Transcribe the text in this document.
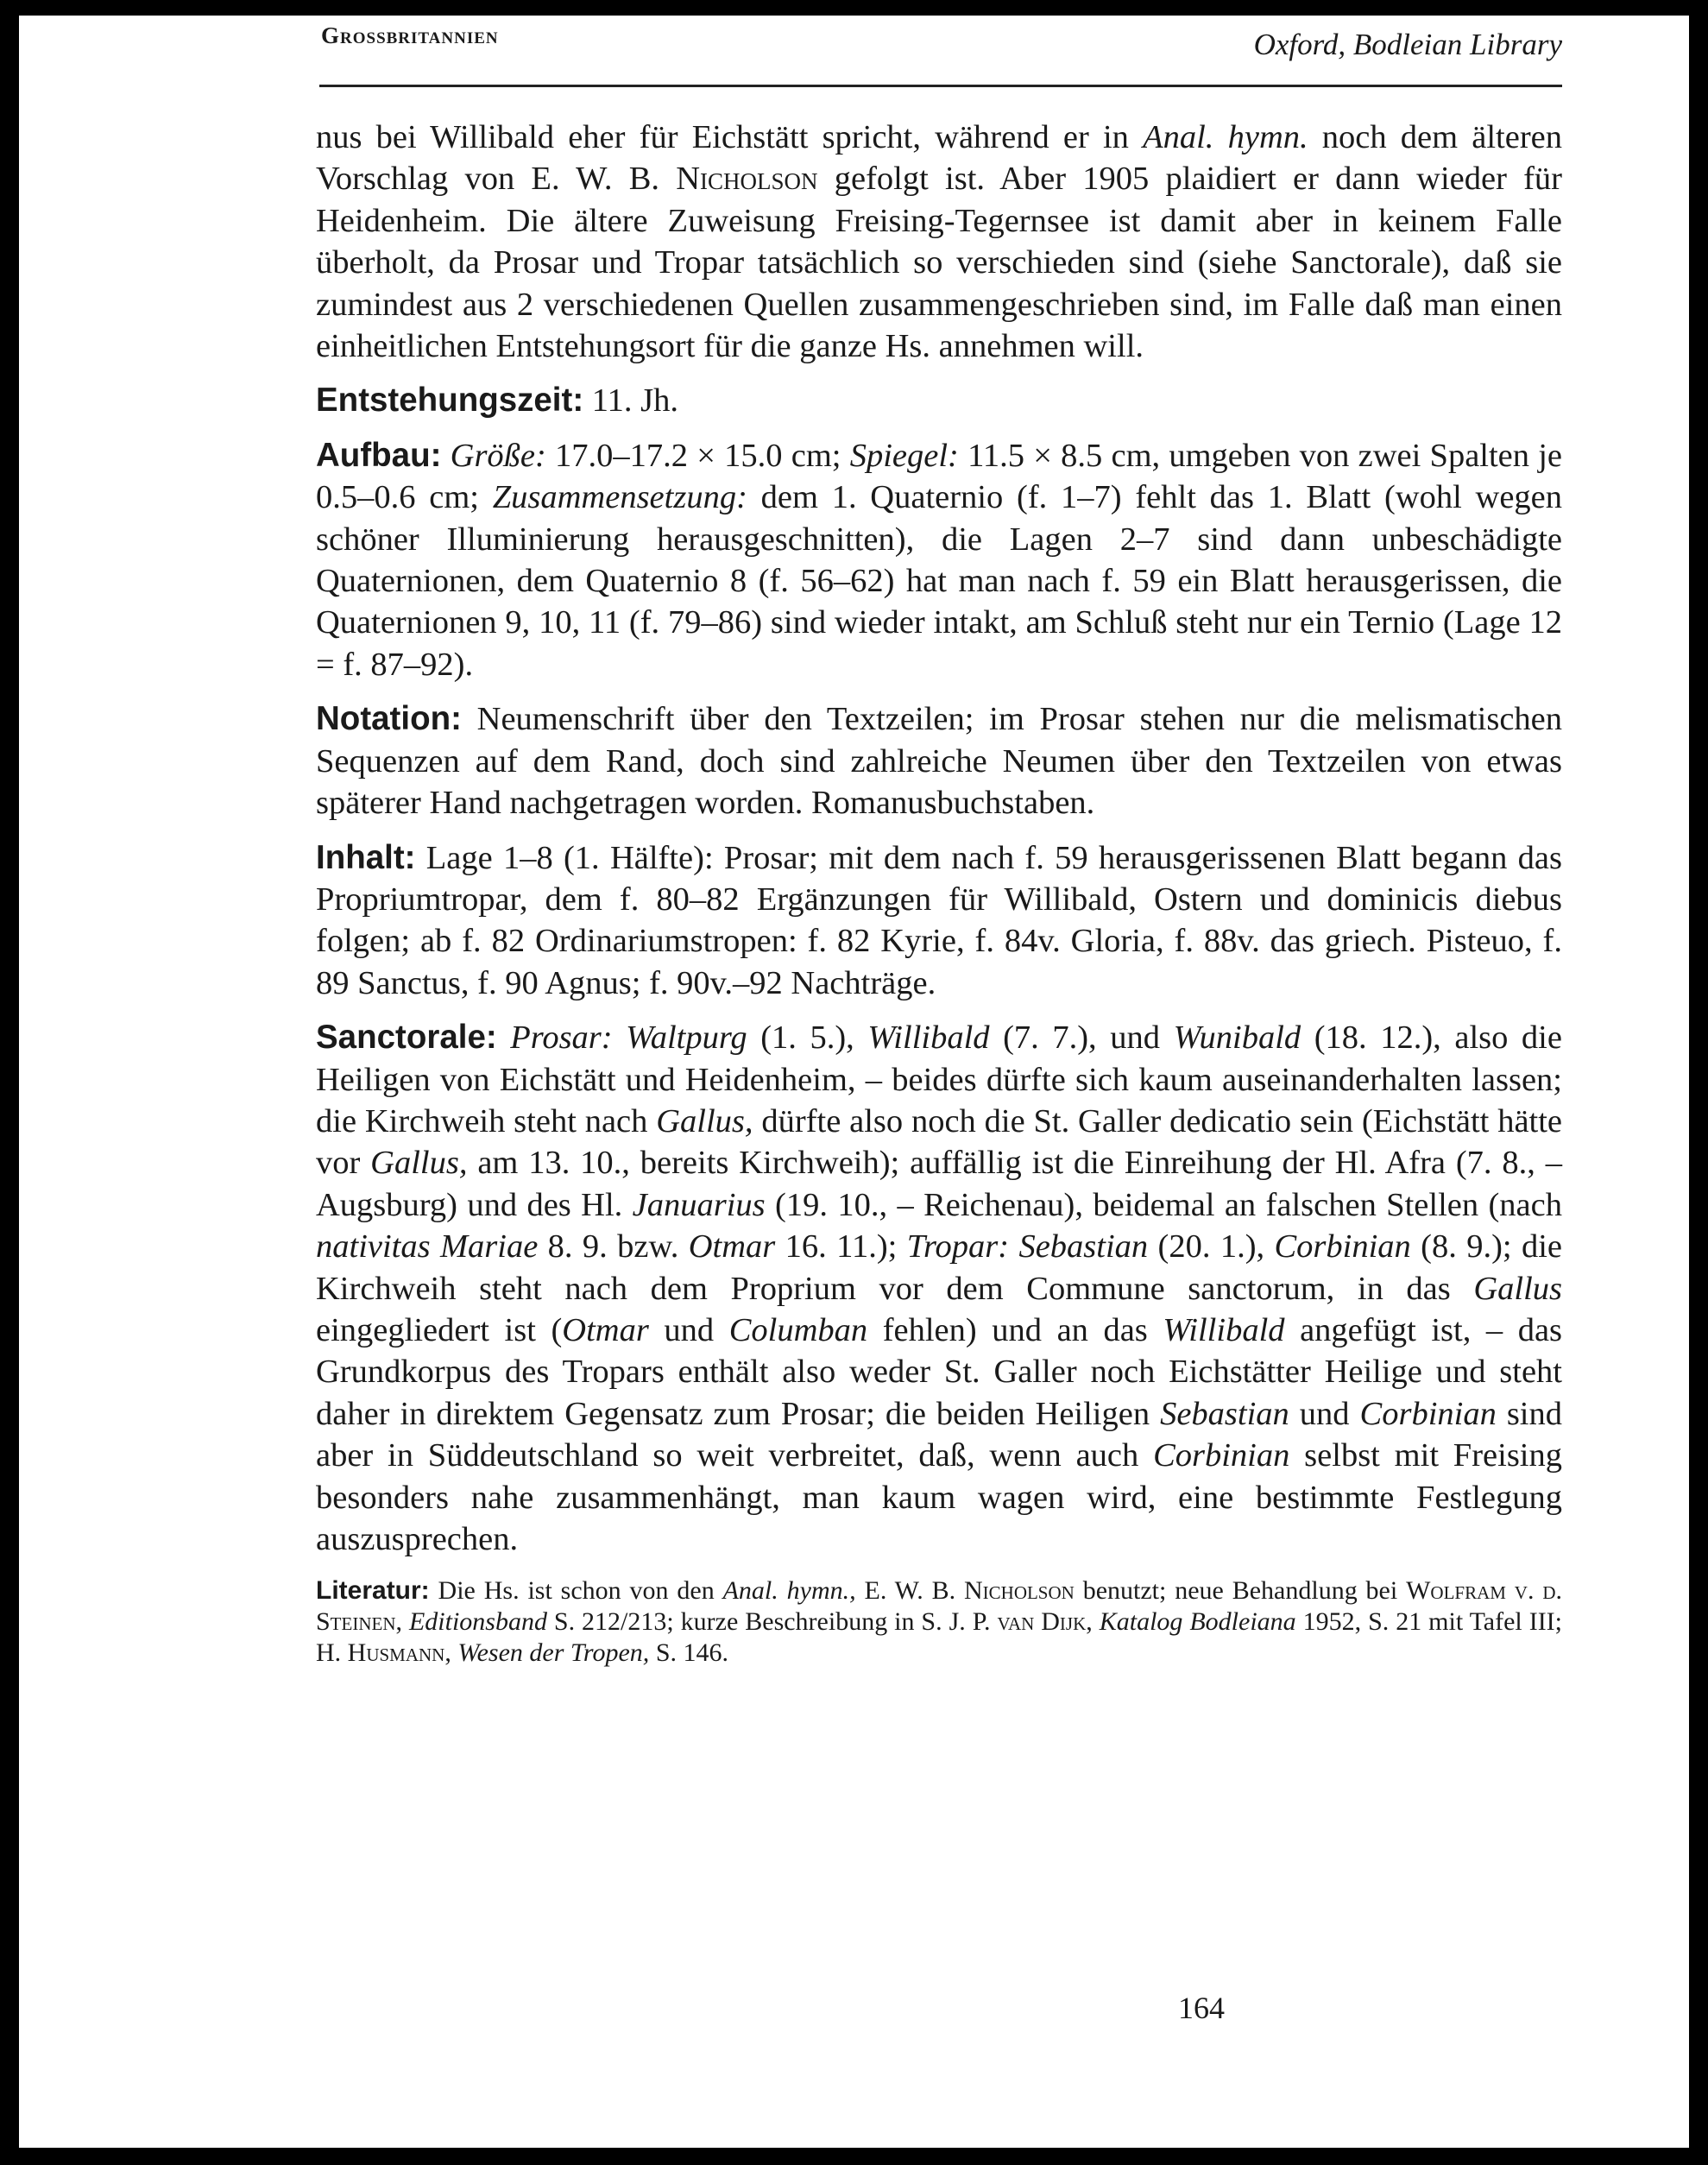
Grossbritannien	Oxford, Bodleian Library

nus bei Willibald eher für Eichstätt spricht, während er in Anal. hymn. noch dem älteren Vorschlag von E. W. B. Nicholson gefolgt ist. Aber 1905 plaidiert er dann wieder für Heidenheim. Die ältere Zuweisung Freising-Tegernsee ist damit aber in keinem Falle überholt, da Prosar und Tropar tatsächlich so verschieden sind (siehe Sanctorale), daß sie zumindest aus 2 verschiedenen Quellen zusammengeschrieben sind, im Falle daß man einen einheitlichen Entstehungsort für die ganze Hs. annehmen will.

Entstehungszeit: 11. Jh.

Aufbau: Größe: 17.0–17.2 × 15.0 cm; Spiegel: 11.5 × 8.5 cm, umgeben von zwei Spalten je 0.5–0.6 cm; Zusammensetzung: dem 1. Quaternio (f. 1–7) fehlt das 1. Blatt (wohl wegen schöner Illuminierung herausgeschnitten), die Lagen 2–7 sind dann unbeschädigte Quaternionen, dem Quaternio 8 (f. 56–62) hat man nach f. 59 ein Blatt herausgerissen, die Quaternionen 9, 10, 11 (f. 79–86) sind wieder intakt, am Schluß steht nur ein Ternio (Lage 12 = f. 87–92).

Notation: Neumenschrift über den Textzeilen; im Prosar stehen nur die melismatischen Sequenzen auf dem Rand, doch sind zahlreiche Neumen über den Textzeilen von etwas späterer Hand nachgetragen worden. Romanusbuchstaben.

Inhalt: Lage 1–8 (1. Hälfte): Prosar; mit dem nach f. 59 herausgerissenen Blatt begann das Propriumtropar, dem f. 80–82 Ergänzungen für Willibald, Ostern und dominicis diebus folgen; ab f. 82 Ordinariumstropen: f. 82 Kyrie, f. 84v. Gloria, f. 88v. das griech. Pisteuo, f. 89 Sanctus, f. 90 Agnus; f. 90v.–92 Nachträge.

Sanctorale: Prosar: Waltpurg (1. 5.), Willibald (7. 7.), und Wunibald (18. 12.), also die Heiligen von Eichstätt und Heidenheim, – beides dürfte sich kaum auseinanderhalten lassen; die Kirchweih steht nach Gallus, dürfte also noch die St. Galler dedicatio sein (Eichstätt hätte vor Gallus, am 13. 10., bereits Kirchweih); auffällig ist die Einreihung der Hl. Afra (7. 8., – Augsburg) und des Hl. Januarius (19. 10., – Reichenau), beidemal an falschen Stellen (nach nativitas Mariae 8. 9. bzw. Otmar 16. 11.); Tropar: Sebastian (20. 1.), Corbinian (8. 9.); die Kirchweih steht nach dem Proprium vor dem Commune sanctorum, in das Gallus eingegliedert ist (Otmar und Columban fehlen) und an das Willibald angefügt ist, – das Grundkorpus des Tropars enthält also weder St. Galler noch Eichstätter Heilige und steht daher in direktem Gegensatz zum Prosar; die beiden Heiligen Sebastian und Corbinian sind aber in Süddeutschland so weit verbreitet, daß, wenn auch Corbinian selbst mit Freising besonders nahe zusammenhängt, man kaum wagen wird, eine bestimmte Festlegung auszusprechen.

Literatur: Die Hs. ist schon von den Anal. hymn., E. W. B. Nicholson benutzt; neue Behandlung bei Wolfram v. d. Steinen, Editionsband S. 212/213; kurze Beschreibung in S. J. P. van Dijk, Katalog Bodleiana 1952, S. 21 mit Tafel III; H. Husmann, Wesen der Tropen, S. 146.

164
